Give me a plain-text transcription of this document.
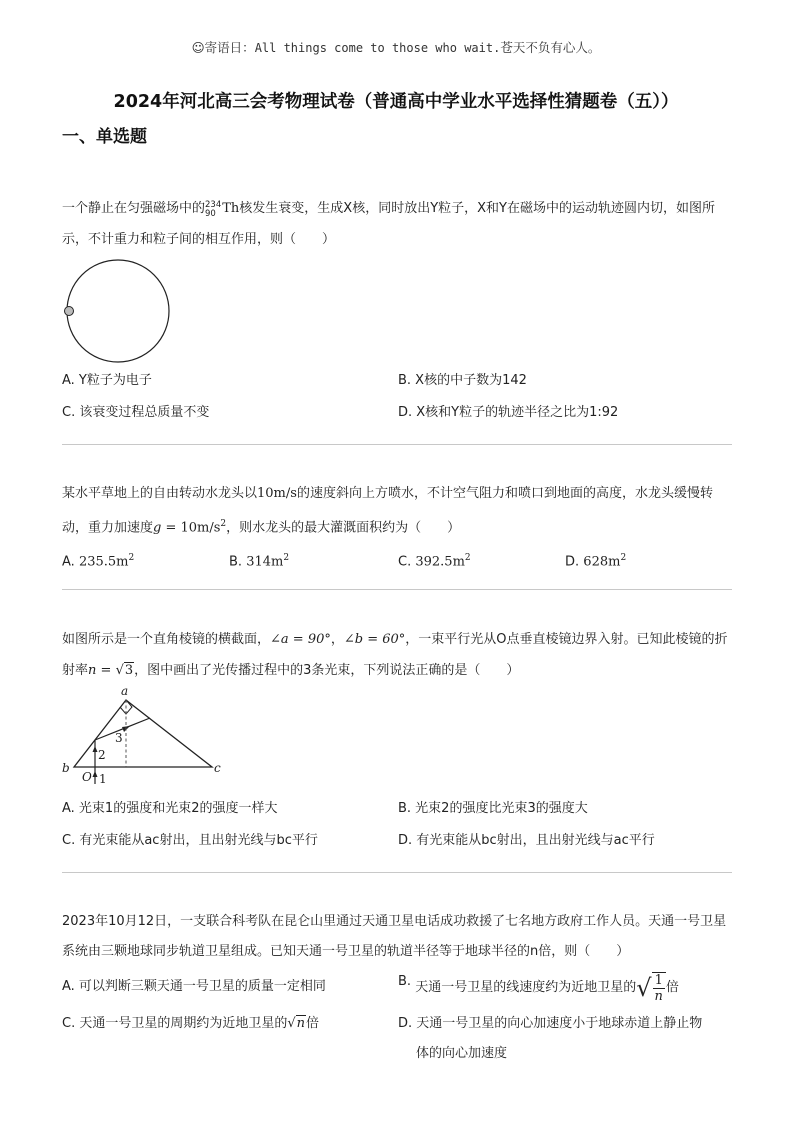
☺寄语日：All things come to those who wait.苍天不负有心人。
2024年河北高三会考物理试卷（普通高中学业水平选择性猜题卷（五））
一、单选题
一个静止在匀强磁场中的 234
90 Th核发生衰变，生成X核，同时放出Y粒子，X和Y在磁场中的运动轨迹圆内切，如图所示，不计重力和粒子间的相互作用，则（　　）
A. Y粒子为电子	B. X核的中子数为142
C. 该衰变过程总质量不变	D. X核和Y粒子的轨迹半径之比为1:92
某水平草地上的自由转动水龙头以10m/s的速度斜向上方喷水，不计空气阻力和喷口到地面的高度，水龙头缓慢转动，重力加速度$g = 10m/s^2$，则水龙头的最大灌溉面积约为（　　）
A. $235.5m^2$	B. $314m^2$	C. $392.5m^2$	D. $628m^2$
如图所示是一个直角棱镜的横截面，∠a = 90°，∠b = 60°，一束平行光从O点垂直棱镜边界入射。已知此棱镜的折射率n = √3，图中画出了光传播过程中的3条光束，下列说法正确的是（　　）
a
b	c
O 1
2
3
A. 光束1的强度和光束2的强度一样大	B. 光束2的强度比光束3的强度大
C. 有光束能从ac射出，且出射光线与bc平行	D. 有光束能从bc射出，且出射光线与ac平行
2023年10月12日，一支联合科考队在昆仑山里通过天通卫星电话成功救援了七名地方政府工作人员。天通一号卫星系统由三颗地球同步轨道卫星组成。已知天通一号卫星的轨道半径等于地球半径的n倍，则（　　）
A. 可以判断三颗天通一号卫星的质量一定相同	B. 天通一号卫星的线速度约为近地卫星的√ $\frac{1}{n}$ 倍
C. 天通一号卫星的周期约为近地卫星的√n倍	D. 天通一号卫星的向心加速度小于地球赤道上静止物
体的向心加速度
